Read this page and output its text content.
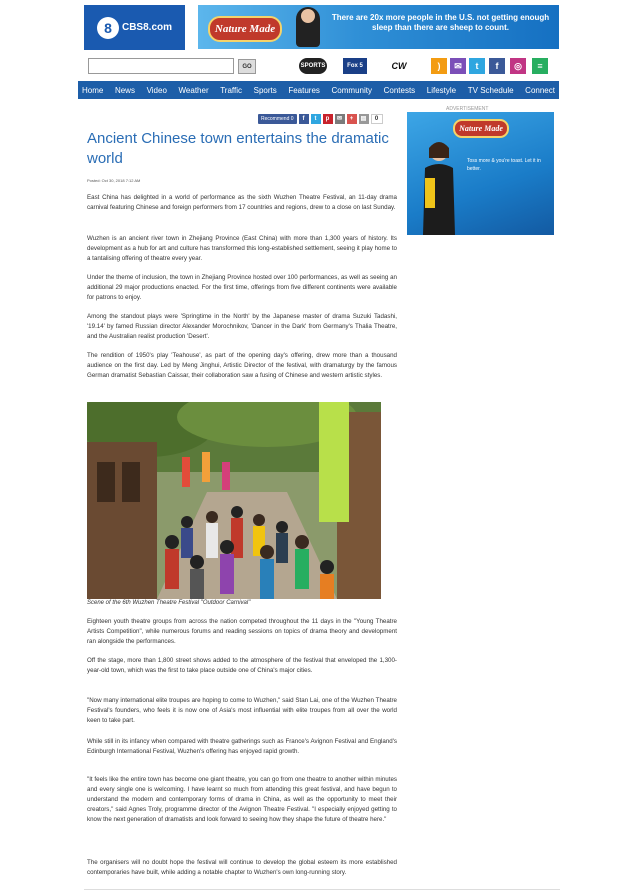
8	CBS8.com	Nature Made
There are 20x more people in the U.S. not getting enough sleep than there are sheep to count.
GO	SPORTS	Fox 5	CW	)	✉	t	f	◎	≡
Home News Video Weather Traffic Sports Features Community Contests Lifestyle TV Schedule Connect
Recommend 0	f	t	p	✉	+	▤	0
Ancient Chinese town entertains the dramatic world
Posted: Oct 30, 2018 7:12 AM
East China has delighted in a world of performance as the sixth Wuzhen Theatre Festival, an 11-day drama carnival featuring Chinese and foreign performers from 17 countries and regions, drew to a close on last Sunday.
Wuzhen is an ancient river town in Zhejiang Province (East China) with more than 1,300 years of history. Its development as a hub for art and culture has transformed this long-established settlement, seeing it play home to a tantalising offering of theatre every year.
Under the theme of inclusion, the town in Zhejiang Province hosted over 100 performances, as well as seeing an additional 29 major productions enacted. For the first time, offerings from five different continents were available for patrons to enjoy.
Among the standout plays were 'Springtime in the North' by the Japanese master of drama Suzuki Tadashi, '19.14' by famed Russian director Alexander Morochnikov, 'Dancer in the Dark' from Germany's Thalia Theatre, and the Australian realist production 'Desert'.
The rendition of 1950's play 'Teahouse', as part of the opening day's offering, drew more than a thousand audience on the first day. Led by Meng Jinghui, Artistic Director of the festival, with dramaturgy by the famous German dramatist Sebastian Caissar, their collaboration saw a fusing of Chinese and western artistic styles.
Scene of the 6th Wuzhen Theatre Festival "Outdoor Carnival"
Eighteen youth theatre groups from across the nation competed throughout the 11 days in the "Young Theatre Artists Competition", while numerous forums and reading sessions on topics of drama theory and development ran alongside the performances.
Off the stage, more than 1,800 street shows added to the atmosphere of the festival that enveloped the 1,300-year-old town, which was the first to take place outside one of China's major cities.
"Now many international elite troupes are hoping to come to Wuzhen," said Stan Lai, one of the Wuzhen Theatre Festival's founders, who feels it is now one of Asia's most influential with elite troupes from all over the world keen to take part.
While still in its infancy when compared with theatre gatherings such as France's Avignon Festival and England's Edinburgh International Festival, Wuzhen's offering has enjoyed rapid growth.
"It feels like the entire town has become one giant theatre, you can go from one theatre to another within minutes and every single one is welcoming. I have learnt so much from attending this great festival, and have begun to understand the modern and contemporary forms of drama in China, as well as the opportunity to meet their creators," said Agnes Troly, programme director of the Avignon Theatre Festival. "I especially enjoyed getting to know the next generation of dramatists and look forward to seeing how they shape the future of theatre here."
The organisers will no doubt hope the festival will continue to develop the global esteem its more established contemporaries have built, while adding a notable chapter to Wuzhen's own long-running story.
ADVERTISEMENT
Nature Made
Toss more & you're toast. Let it in better.
